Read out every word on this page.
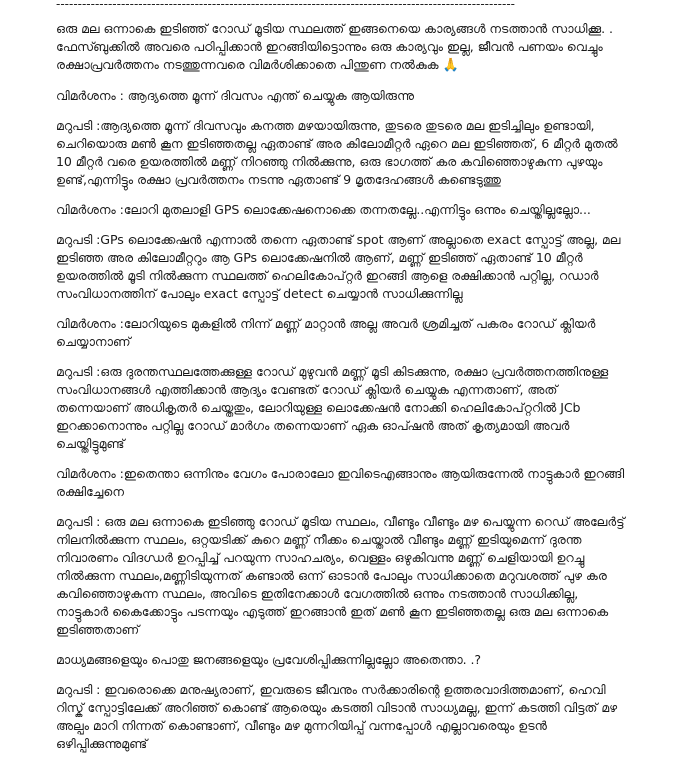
----------------------------------------------------------------------------------------------------------

ഒരു മല ഒന്നാകെ ഇടിഞ്ഞ് റോഡ് മൂടിയ സ്ഥലത്ത് ഇങ്ങനെയെ കാര്യങ്ങൾ നടത്താൻ സാധിക്കൂ. . ഫേസ്ബുക്കിൽ അവരെ പഠിപ്പിക്കാൻ ഇറങ്ങിയിട്ടൊന്നും ഒരു കാര്യവും ഇല്ല, ജീവൻ പണയം വെച്ചും രക്ഷാപ്രവർത്തനം നടത്തുന്നവരെ വിമർശിക്കാതെ പിന്തുണ നൽകുക 🙏

വിമർശനം : ആദ്യത്തെ മൂന്ന് ദിവസം എന്ത് ചെയ്യുക ആയിരുന്നു

മറുപടി :ആദ്യത്തെ മൂന്ന് ദിവസവും കനത്ത മഴയായിരുന്നു, തുടരെ തുടരെ മല ഇടിച്ചിലും ഉണ്ടായി, ചെറിയൊരു മൺ കൂന ഇടിഞ്ഞതല്ല ഏതാണ്ട് അര കിലോമീറ്റർ ഏറെ മല ഇടിഞ്ഞത്, 6 മീറ്റർ മുതൽ 10 മീറ്റർ വരെ ഉയരത്തിൽ മണ്ണ് നിറഞ്ഞു നിൽക്കുന്നു, ഒരു ഭാഗത്ത് കര കവിഞ്ഞൊഴുകുന്ന പുഴയും ഉണ്ട്,എന്നിട്ടും രക്ഷാ പ്രവർത്തനം നടന്നു ഏതാണ്ട് 9 മൃതദേഹങ്ങൾ കണ്ടെടുത്തു

വിമർശനം :ലോറി മുതലാളി GPS ലൊക്കേഷനൊക്കെ തന്നതല്ലേ..എന്നിട്ടും ഒന്നും ചെയ്തില്ലല്ലോ...

മറുപടി :GPs ലൊക്കേഷൻ എന്നാൽ തന്നെ ഏതാണ്ട് spot ആണ് അല്ലാതെ exact സ്പോട്ട് അല്ല, മല ഇടിഞ്ഞ അര കിലോമീറ്ററും ആ GPs ലൊക്കേഷനിൽ ആണ്, മണ്ണ് ഇടിഞ്ഞ് ഏതാണ്ട് 10 മീറ്റർ ഉയരത്തിൽ മൂടി നിൽക്കുന്ന സ്ഥലത്ത് ഹെലികോപ്റ്റർ ഇറങ്ങി ആളെ രക്ഷിക്കാൻ പറ്റില്ല, റഡാർ സംവിധാനത്തിന് പോലും exact സ്പോട്ട് detect ചെയ്യാൻ സാധിക്കുന്നില്ല

വിമർശനം :ലോറിയുടെ മുകളിൽ നിന്ന് മണ്ണ് മാറ്റാൻ അല്ല അവർ ശ്രമിച്ചത് പകരം റോഡ് ക്ലിയർ ചെയ്യാനാണ്

മറുപടി :ഒരു ദുരന്തസ്ഥലത്തേക്കുള്ള റോഡ് മുഴുവൻ മണ്ണ് മൂടി കിടക്കുന്നു, രക്ഷാ പ്രവർത്തനത്തിനുള്ള സംവിധാനങ്ങൾ എത്തിക്കാൻ ആദ്യം വേണ്ടത് റോഡ് ക്ലിയർ ചെയ്യുക എന്നതാണ്, അത് തന്നെയാണ് അധികൃതർ ചെയ്തതും, ലോറിയുള്ള ലൊക്കേഷൻ നോക്കി ഹെലികോപ്റ്ററിൽ JCb ഇറക്കാനൊന്നും പറ്റില്ല റോഡ് മാർഗം തന്നെയാണ് ഏക ഓപ്ഷൻ അത് കൃത്യമായി അവർ ചെയ്തിട്ടുമുണ്ട്

വിമർശനം :ഇതെന്താ ഒന്നിനും വേഗം പോരാലോ ഇവിടെഎങ്ങാനും ആയിരുന്നേൽ നാട്ടുകാർ ഇറങ്ങി രക്ഷിച്ചേനെ

മറുപടി : ഒരു മല ഒന്നാകെ ഇടിഞ്ഞു റോഡ് മൂടിയ സ്ഥലം, വീണ്ടും വീണ്ടും മഴ പെയ്യുന്ന റെഡ് അലേർട്ട് നിലനിൽക്കുന്ന സ്ഥലം, ഒറ്റയടിക്ക് കുറെ മണ്ണ് നീക്കം ചെയ്താൽ വീണ്ടും മണ്ണ് ഇടിയുമെന്ന് ദുരന്ത നിവാരണം വിദഗ്ധർ ഉറപ്പിച്ച് പറയുന്ന സാഹചര്യം, വെള്ളം ഒഴുകിവന്നു മണ്ണ് ചെളിയായി ഉറച്ചു നിൽക്കുന്ന സ്ഥലം,മണ്ണിടിയുന്നത് കണ്ടാൽ ഒന്ന് ഓടാൻ പോലും സാധിക്കാതെ മറുവശത്ത് പുഴ കര കവിഞ്ഞൊഴുകുന്ന സ്ഥലം, അവിടെ ഇതിനേക്കാൾ വേഗത്തിൽ ഒന്നും നടത്താൻ സാധിക്കില്ല, നാട്ടുകാർ കൈക്കോട്ടും പടന്നയും എടുത്ത് ഇറങ്ങാൻ ഇത് മൺ കൂന ഇടിഞ്ഞതല്ല ഒരു മല ഒന്നാകെ ഇടിഞ്ഞതാണ്

മാധ്യമങ്ങളെയും പൊതു ജനങ്ങളെയും പ്രവേശിപ്പിക്കുന്നില്ലല്ലോ അതെന്താ. .?

മറുപടി : ഇവരൊക്കെ മനുഷ്യരാണ്, ഇവരുടെ ജീവനും സർക്കാരിന്റെ ഉത്തരവാദിത്തമാണ്, ഹെവി റിസ്ക് സ്പോട്ടിലേക്ക് അറിഞ്ഞ് കൊണ്ട് ആരെയും കടത്തി വിടാൻ സാധ്യമല്ല, ഇന്ന് കടത്തി വിട്ടത് മഴ അല്പം മാറി നിന്നത് കൊണ്ടാണ്, വീണ്ടും മഴ മുന്നറിയിപ്പ് വന്നപ്പോൾ എല്ലാവരെയും ഉടൻ ഒഴിപ്പിക്കുന്നുമുണ്ട്
